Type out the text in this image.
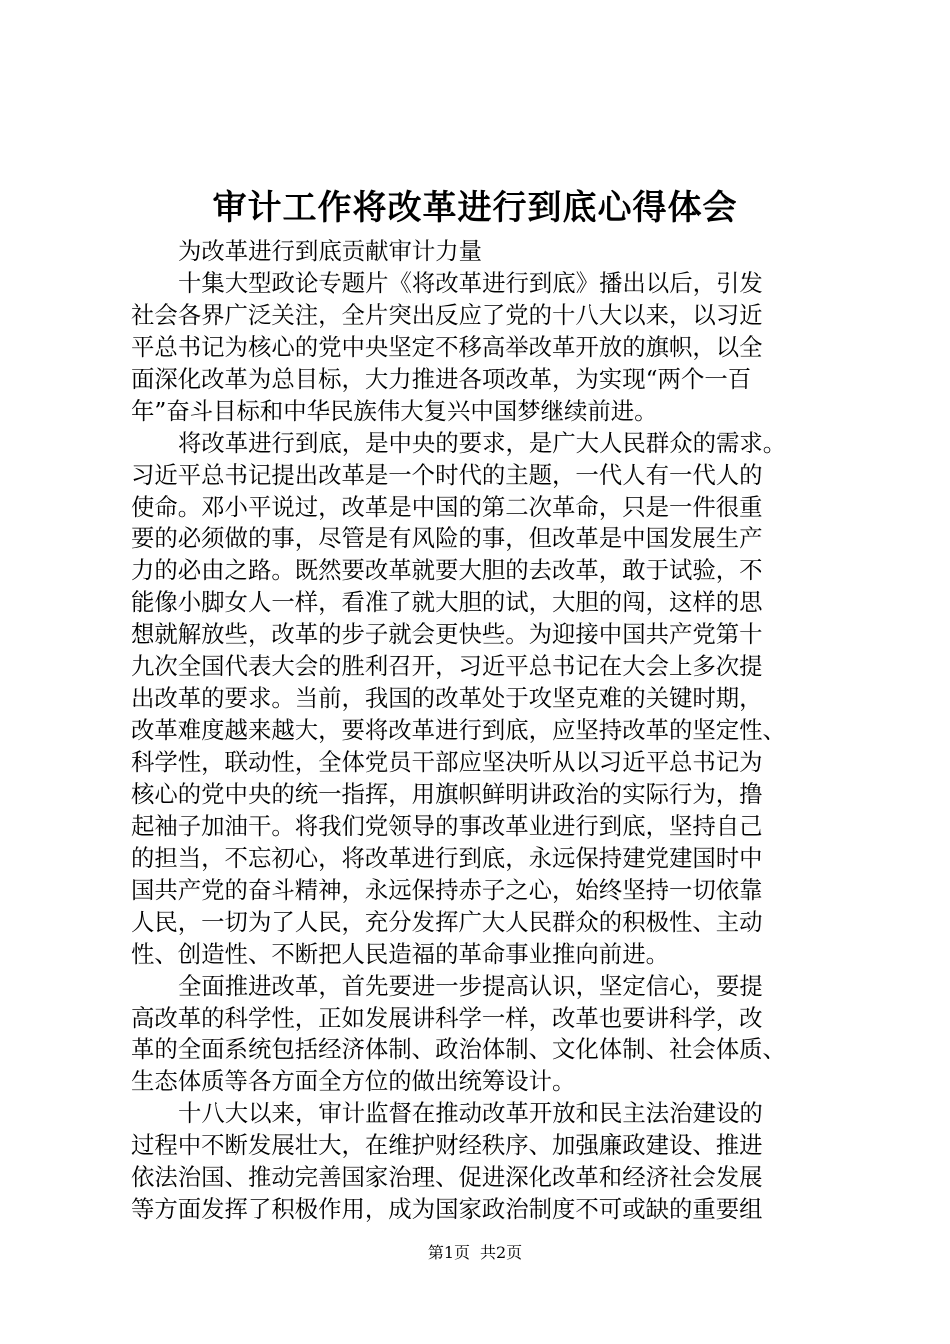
审计工作将改革进行到底心得体会
为改革进行到底贡献审计力量
十集大型政论专题片《将改革进行到底》播出以后，引发
社会各界广泛关注，全片突出反应了党的十八大以来，以习近
平总书记为核心的党中央坚定不移高举改革开放的旗帜，以全
面深化改革为总目标，大力推进各项改革，为实现“两个一百
年”奋斗目标和中华民族伟大复兴中国梦继续前进。
将改革进行到底，是中央的要求，是广大人民群众的需求。
习近平总书记提出改革是一个时代的主题，一代人有一代人的
使命。邓小平说过，改革是中国的第二次革命，只是一件很重
要的必须做的事，尽管是有风险的事，但改革是中国发展生产
力的必由之路。既然要改革就要大胆的去改革，敢于试验，不
能像小脚女人一样，看准了就大胆的试，大胆的闯，这样的思
想就解放些，改革的步子就会更快些。为迎接中国共产党第十
九次全国代表大会的胜利召开，习近平总书记在大会上多次提
出改革的要求。当前，我国的改革处于攻坚克难的关键时期，
改革难度越来越大，要将改革进行到底，应坚持改革的坚定性、
科学性，联动性，全体党员干部应坚决听从以习近平总书记为
核心的党中央的统一指挥，用旗帜鲜明讲政治的实际行为，撸
起袖子加油干。将我们党领导的事改革业进行到底，坚持自己
的担当，不忘初心，将改革进行到底，永远保持建党建国时中
国共产党的奋斗精神，永远保持赤子之心，始终坚持一切依靠
人民，一切为了人民，充分发挥广大人民群众的积极性、主动
性、创造性、不断把人民造福的革命事业推向前进。
全面推进改革，首先要进一步提高认识，坚定信心，要提
高改革的科学性，正如发展讲科学一样，改革也要讲科学，改
革的全面系统包括经济体制、政治体制、文化体制、社会体质、
生态体质等各方面全方位的做出统筹设计。
十八大以来，审计监督在推动改革开放和民主法治建设的
过程中不断发展壮大，在维护财经秩序、加强廉政建设、推进
依法治国、推动完善国家治理、促进深化改革和经济社会发展
等方面发挥了积极作用，成为国家政治制度不可或缺的重要组
第1页 共2页
